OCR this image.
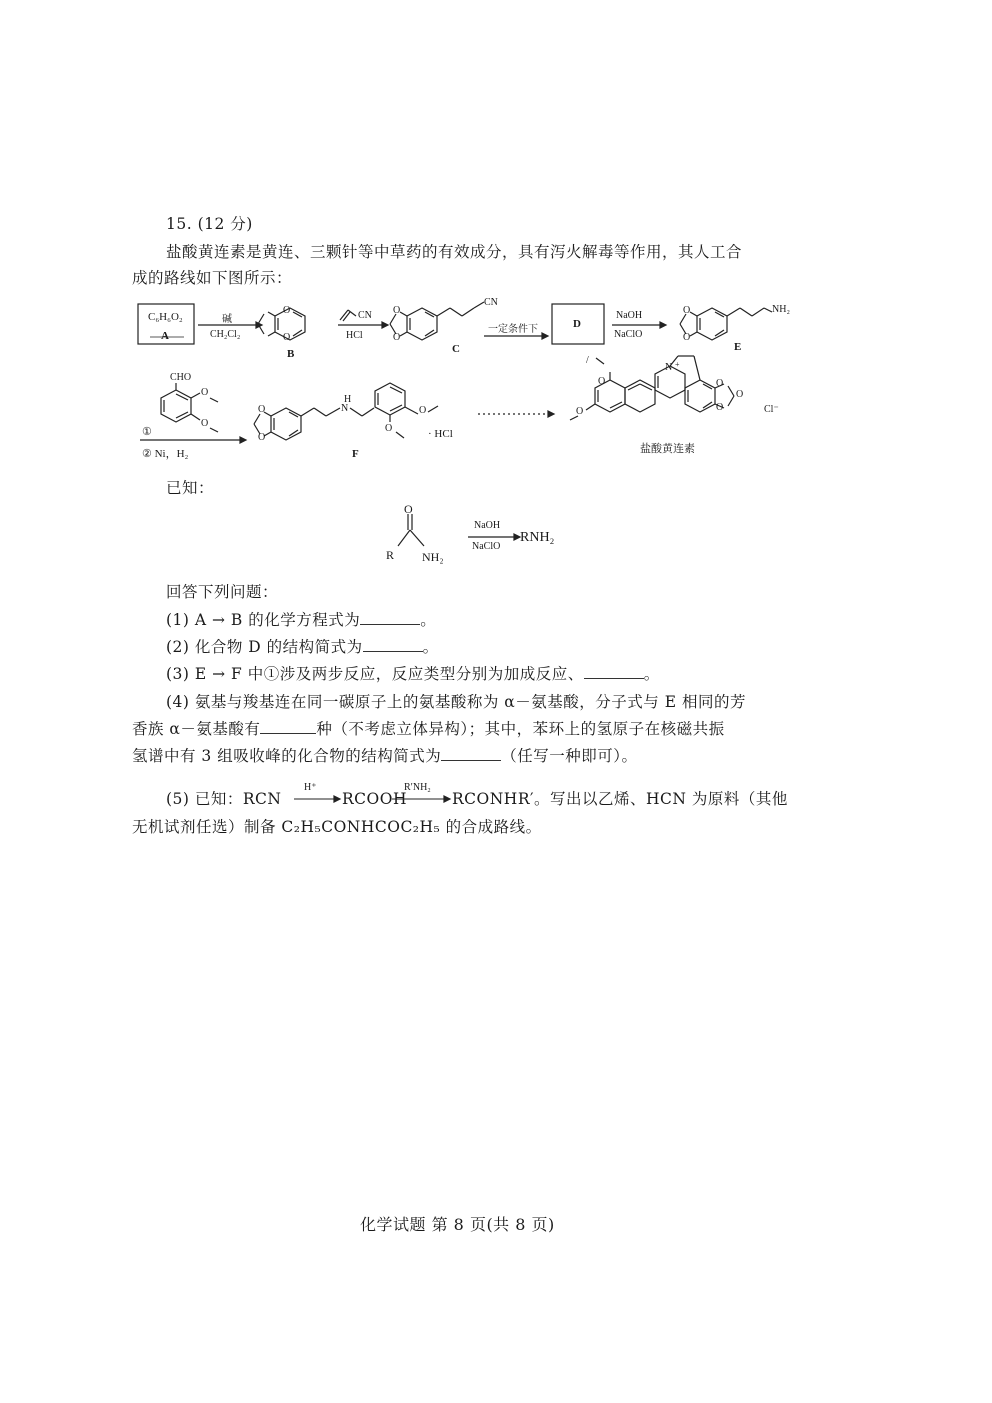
15. (12 分)
盐酸黄连素是黄连、三颗针等中草药的有效成分，具有泻火解毒等作用，其人工合
成的路线如下图所示：
C₆H₆O₂
A
碱
CH₂Cl₂
O
O
B
CN
HCl
O
O
CN
C
一定条件下	D
NaOH
NaClO
O
O
NH₂
E
CHO
O
O
①
② Ni，H₂
O
O
H
N	O
O	· HCl
F
O
/
O
N +
O
O
O	Cl⁻
盐酸黄连素
已知：
O
R NH₂
NaOH
NaClO
RNH₂
回答下列问题：
(1) A → B 的化学方程式为	。
(2) 化合物 D 的结构简式为	。
(3) E → F 中①涉及两步反应，反应类型分别为加成反应、	。
(4) 氨基与羧基连在同一碳原子上的氨基酸称为 α－氨基酸，分子式与 E 相同的芳
香族 α－氨基酸有	种（不考虑立体异构）；其中，苯环上的氢原子在核磁共振
氢谱中有 3 组吸收峰的化合物的结构简式为	（任写一种即可）。
(5) 已知：RCN
H⁺
RCOOH
R′NH₂
RCONHR′。写出以乙烯、HCN 为原料（其他
无机试剂任选）制备 C₂H₅CONHCOC₂H₅ 的合成路线。
化学试题 第 8 页(共 8 页)
